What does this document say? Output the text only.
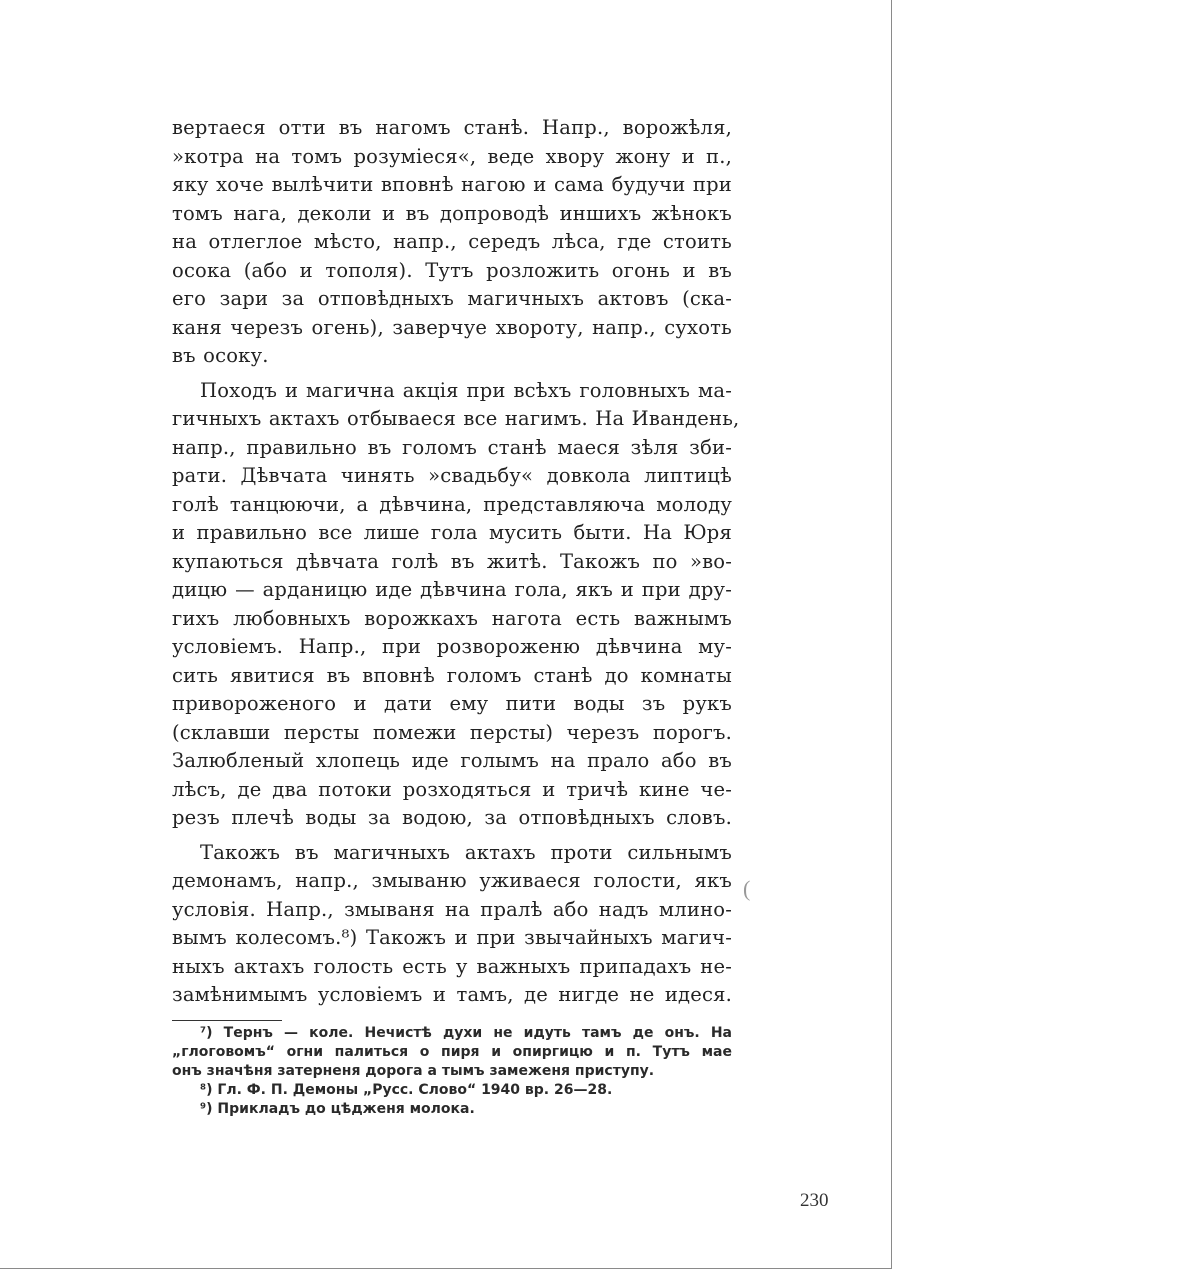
вертаеся отти въ нагомъ станѣ. Напр., ворожѣля,
»котра на томъ розумiеся«, веде хвору жону и п.,
яку хоче вылѣчити вповнѣ нагою и сама будучи при
томъ нага, деколи и въ допроводѣ иншихъ жѣнокъ
на отлеглое мѣсто, напр., середъ лѣса, где стоить
осока (або и тополя). Тутъ розложить огонь и въ
его зари за отповѣдныхъ магичныхъ актовъ (ска-
каня черезъ огень), заверчуе хвороту, напр., сухоть
въ осоку.
Походъ и магична акцiя при всѣхъ головныхъ ма-
гичныхъ актахъ отбываеся все нагимъ. На Ивандень,
напр., правильно въ голомъ станѣ маеся зѣля зби-
рати. Дѣвчата чинять »свадьбу« довкола липтицѣ
голѣ танцюючи, а дѣвчина, представляюча молоду
и правильно все лише гола мусить быти. На Юря
купаються дѣвчата голѣ въ житѣ. Такожъ по »во-
дицю — арданицю иде дѣвчина гола, якъ и при дру-
гихъ любовныхъ ворожкахъ нагота есть важнымъ
условiемъ. Напр., при розвороженю дѣвчина му-
сить явитися въ вповнѣ голомъ станѣ до комнаты
привороженого и дати ему пити воды зъ рукъ
(склавши персты помежи персты) черезъ порогъ.
Залюбленый хлопець иде голымъ на прало або въ
лѣсъ, де два потоки розходяться и тричѣ кине че-
резъ плечѣ воды за водою, за отповѣдныхъ словъ.
Такожъ въ магичныхъ актахъ проти сильнымъ
демонамъ, напр., змываню уживаеся голости, якъ
условiя. Напр., змываня на пралѣ або надъ млино-
вымъ колесомъ.⁸) Такожъ и при звычайныхъ магич-
ныхъ актахъ голость есть у важныхъ припадахъ не-
замѣнимымъ условiемъ и тамъ, де нигде не идеся.
(
⁷) Тернъ — коле. Нечистѣ духи не идуть тамъ де онъ. На
„глоговомъ“ огни палиться о пиря и опиргицю и п. Тутъ мае
онъ значѣня затерненя дорога а тымъ замеженя приступу.
⁸) Гл. Ф. П. Демоны „Русс. Слово“ 1940 вр. 26—28.
⁹) Прикладъ до цѣдженя молока.
230
